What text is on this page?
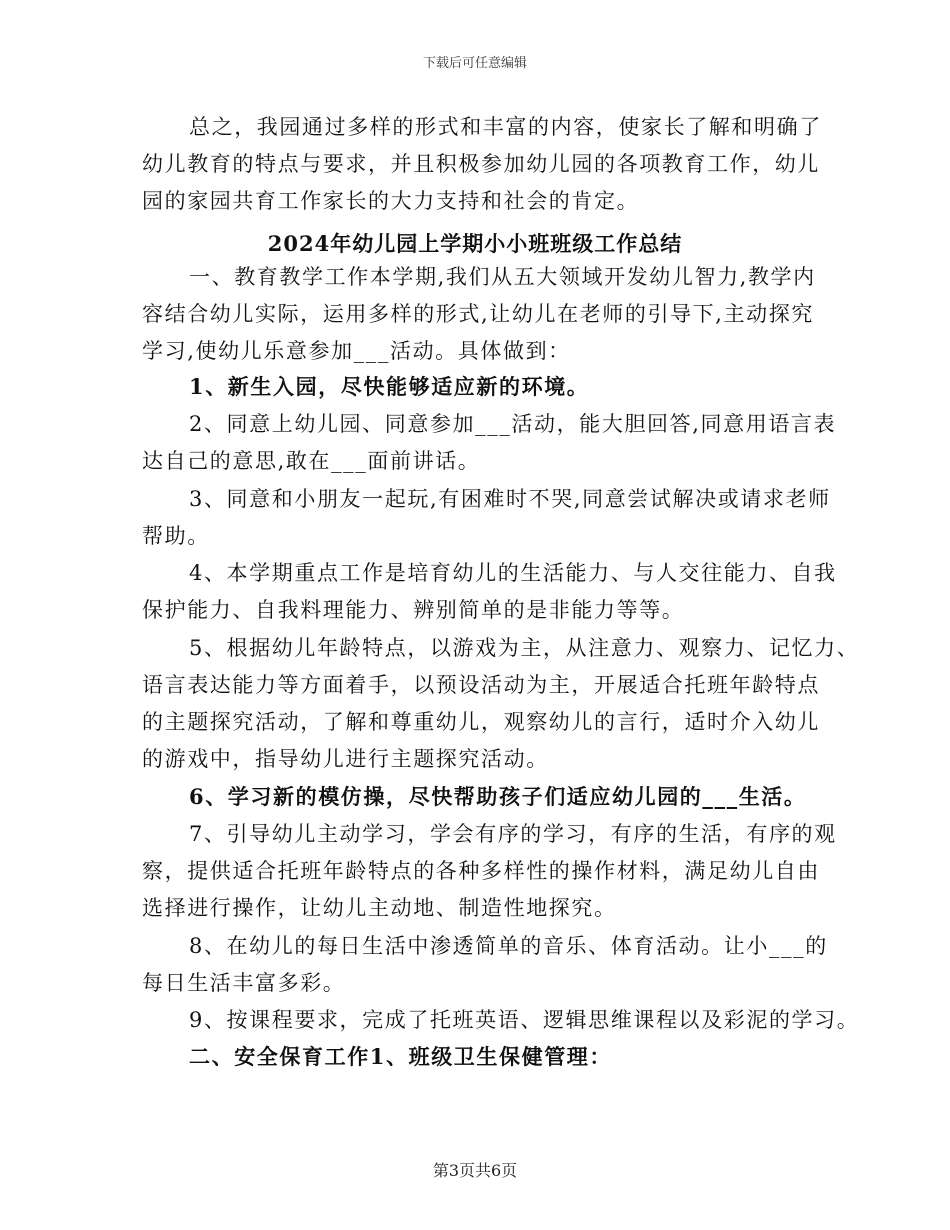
下载后可任意编辑
总之，我园通过多样的形式和丰富的内容，使家长了解和明确了
幼儿教育的特点与要求，并且积极参加幼儿园的各项教育工作，幼儿
园的家园共育工作家长的大力支持和社会的肯定。
2024年幼儿园上学期小小班班级工作总结
一、教育教学工作本学期,我们从五大领域开发幼儿智力,教学内
容结合幼儿实际，运用多样的形式,让幼儿在老师的引导下,主动探究
学习,使幼儿乐意参加___活动。具体做到：
1、新生入园，尽快能够适应新的环境。
2、同意上幼儿园、同意参加___活动，能大胆回答,同意用语言表
达自己的意思,敢在___面前讲话。
3、同意和小朋友一起玩,有困难时不哭,同意尝试解决或请求老师
帮助。
4、本学期重点工作是培育幼儿的生活能力、与人交往能力、自我
保护能力、自我料理能力、辨别简单的是非能力等等。
5、根据幼儿年龄特点，以游戏为主，从注意力、观察力、记忆力、
语言表达能力等方面着手，以预设活动为主，开展适合托班年龄特点
的主题探究活动，了解和尊重幼儿，观察幼儿的言行，适时介入幼儿
的游戏中，指导幼儿进行主题探究活动。
6、学习新的模仿操，尽快帮助孩子们适应幼儿园的___生活。
7、引导幼儿主动学习，学会有序的学习，有序的生活，有序的观
察，提供适合托班年龄特点的各种多样性的操作材料，满足幼儿自由
选择进行操作，让幼儿主动地、制造性地探究。
8、在幼儿的每日生活中渗透简单的音乐、体育活动。让小___的
每日生活丰富多彩。
9、按课程要求，完成了托班英语、逻辑思维课程以及彩泥的学习。
二、安全保育工作1、班级卫生保健管理：
第3页共6页
